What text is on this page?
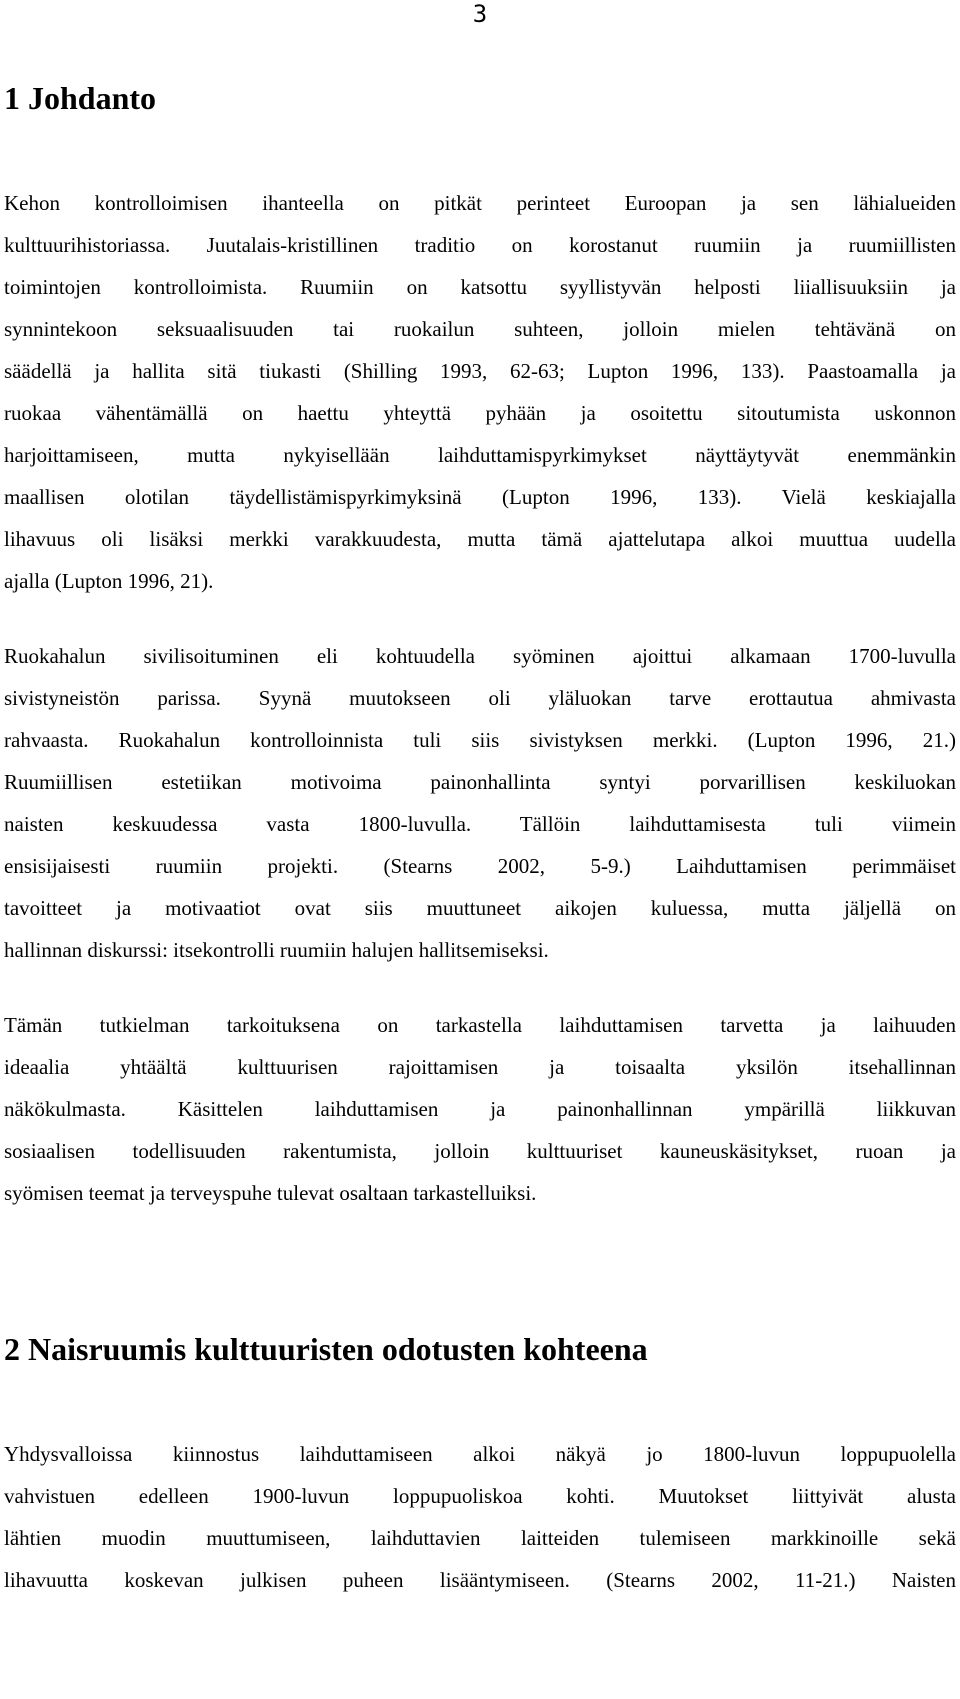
3
1 Johdanto
Kehon kontrolloimisen ihanteella on pitkät perinteet Euroopan ja sen lähialueiden
kulttuurihistoriassa. Juutalais-kristillinen traditio on korostanut ruumiin ja ruumiillisten
toimintojen kontrolloimista. Ruumiin on katsottu syyllistyvän helposti liiallisuuksiin ja
synnintekoon seksuaalisuuden tai ruokailun suhteen, jolloin mielen tehtävänä on
säädellä ja hallita sitä tiukasti (Shilling 1993, 62-63; Lupton 1996, 133). Paastoamalla ja
ruokaa vähentämällä on haettu yhteyttä pyhään ja osoitettu sitoutumista uskonnon
harjoittamiseen, mutta nykyisellään laihduttamispyrkimykset näyttäytyvät enemmänkin
maallisen olotilan täydellistämispyrkimyksinä (Lupton 1996, 133). Vielä keskiajalla
lihavuus oli lisäksi merkki varakkuudesta, mutta tämä ajattelutapa alkoi muuttua uudella
ajalla (Lupton 1996, 21).
Ruokahalun sivilisoituminen eli kohtuudella syöminen ajoittui alkamaan 1700-luvulla
sivistyneistön parissa. Syynä muutokseen oli yläluokan tarve erottautua ahmivasta
rahvaasta. Ruokahalun kontrolloinnista tuli siis sivistyksen merkki. (Lupton 1996, 21.)
Ruumiillisen estetiikan motivoima painonhallinta syntyi porvarillisen keskiluokan
naisten keskuudessa vasta 1800-luvulla. Tällöin laihduttamisesta tuli viimein
ensisijaisesti ruumiin projekti. (Stearns 2002, 5-9.) Laihduttamisen perimmäiset
tavoitteet ja motivaatiot ovat siis muuttuneet aikojen kuluessa, mutta jäljellä on
hallinnan diskurssi: itsekontrolli ruumiin halujen hallitsemiseksi.
Tämän tutkielman tarkoituksena on tarkastella laihduttamisen tarvetta ja laihuuden
ideaalia yhtäältä kulttuurisen rajoittamisen ja toisaalta yksilön itsehallinnan
näkökulmasta. Käsittelen laihduttamisen ja painonhallinnan ympärillä liikkuvan
sosiaalisen todellisuuden rakentumista, jolloin kulttuuriset kauneuskäsitykset, ruoan ja
syömisen teemat ja terveyspuhe tulevat osaltaan tarkastelluiksi.
2 Naisruumis kulttuuristen odotusten kohteena
Yhdysvalloissa kiinnostus laihduttamiseen alkoi näkyä jo 1800-luvun loppupuolella
vahvistuen edelleen 1900-luvun loppupuoliskoa kohti. Muutokset liittyivät alusta
lähtien muodin muuttumiseen, laihduttavien laitteiden tulemiseen markkinoille sekä
lihavuutta koskevan julkisen puheen lisääntymiseen. (Stearns 2002, 11-21.) Naisten
